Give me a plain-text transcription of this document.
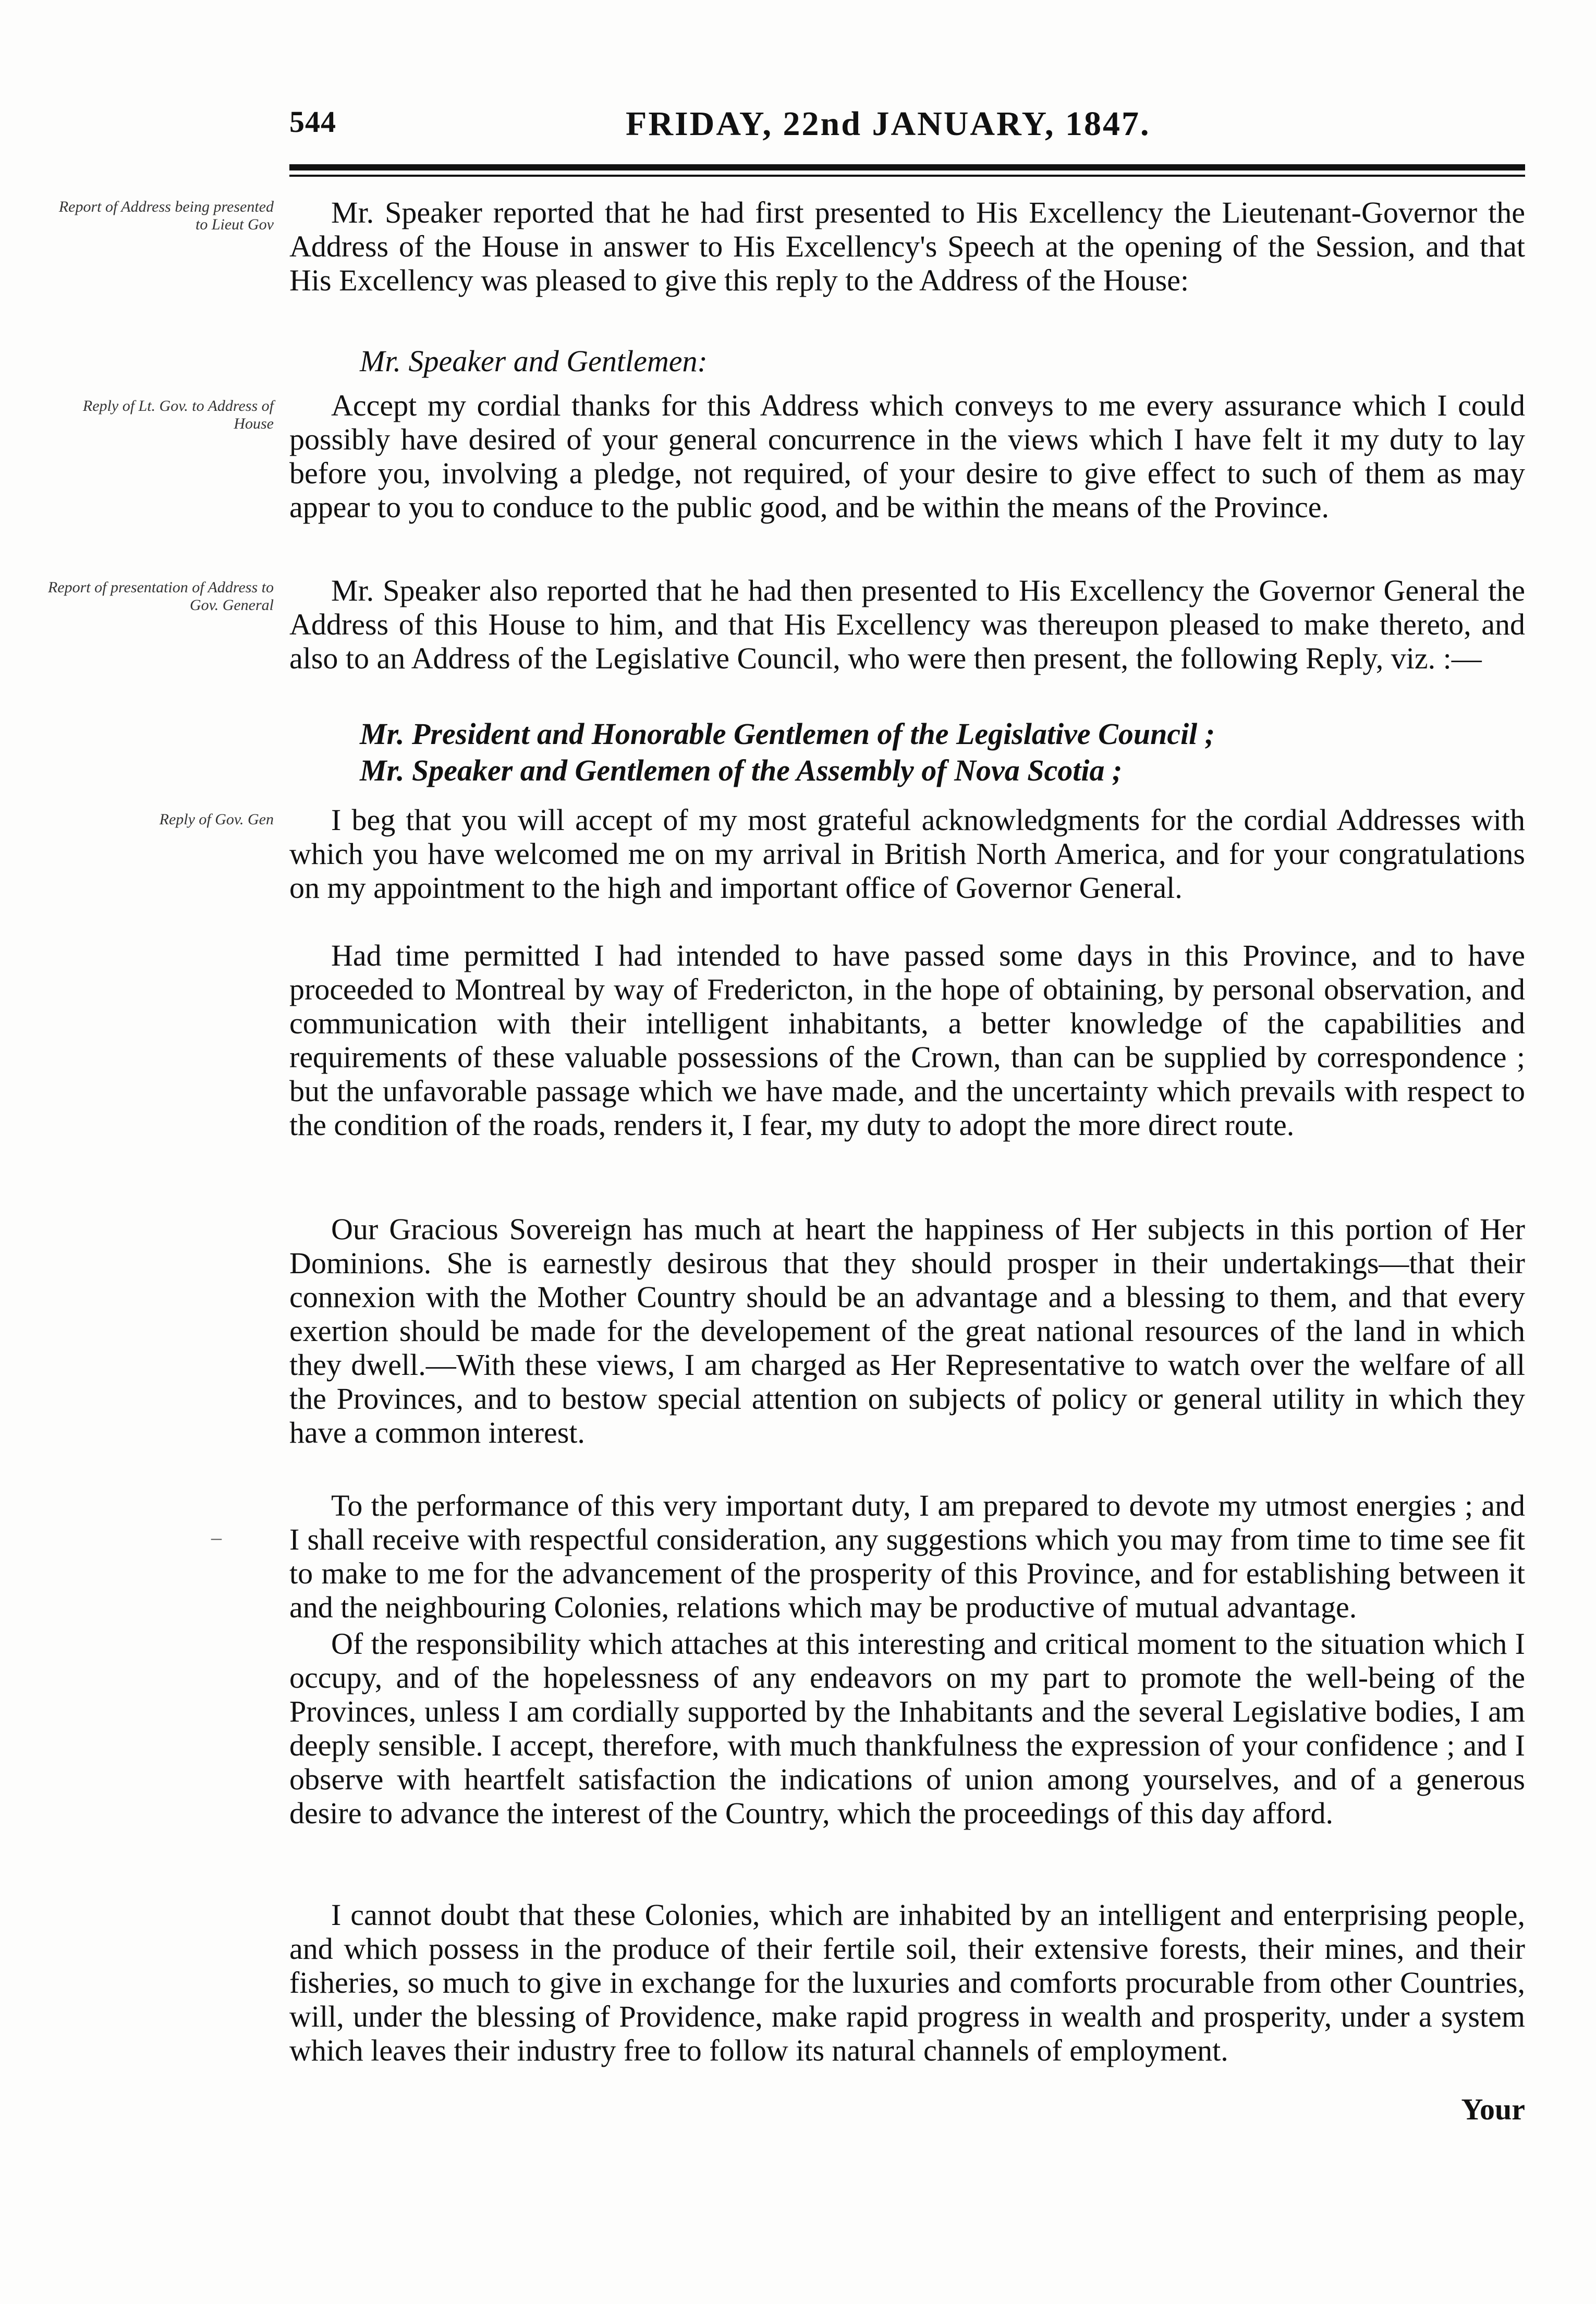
544	FRIDAY, 22nd JANUARY, 1847.
Report of Address being presented to Lieut Gov
Reply of Lt. Gov. to Address of House
Report of presentation of Address to Gov. General
Reply of Gov. Gen
Mr. Speaker reported that he had first presented to His Excellency the Lieutenant-Governor the Address of the House in answer to His Excellency's Speech at the opening of the Session, and that His Excellency was pleased to give this reply to the Address of the House:
Mr. Speaker and Gentlemen:
Accept my cordial thanks for this Address which conveys to me every assurance which I could possibly have desired of your general concurrence in the views which I have felt it my duty to lay before you, involving a pledge, not required, of your desire to give effect to such of them as may appear to you to conduce to the public good, and be within the means of the Province.
Mr. Speaker also reported that he had then presented to His Excellency the Governor General the Address of this House to him, and that His Excellency was thereupon pleased to make thereto, and also to an Address of the Legislative Council, who were then present, the following Reply, viz. :—
Mr. President and Honorable Gentlemen of the Legislative Council ;
Mr. Speaker and Gentlemen of the Assembly of Nova Scotia ;
I beg that you will accept of my most grateful acknowledgments for the cordial Addresses with which you have welcomed me on my arrival in British North America, and for your congratulations on my appointment to the high and important office of Governor General.
Had time permitted I had intended to have passed some days in this Province, and to have proceeded to Montreal by way of Fredericton, in the hope of obtaining, by personal observation, and communication with their intelligent inhabitants, a better knowledge of the capabilities and requirements of these valuable possessions of the Crown, than can be supplied by correspondence ; but the unfavorable passage which we have made, and the uncertainty which prevails with respect to the condition of the roads, renders it, I fear, my duty to adopt the more direct route.
Our Gracious Sovereign has much at heart the happiness of Her subjects in this portion of Her Dominions. She is earnestly desirous that they should prosper in their undertakings—that their connexion with the Mother Country should be an advantage and a blessing to them, and that every exertion should be made for the developement of the great national resources of the land in which they dwell.—With these views, I am charged as Her Representative to watch over the welfare of all the Provinces, and to bestow special attention on subjects of policy or general utility in which they have a common interest.
To the performance of this very important duty, I am prepared to devote my utmost energies ; and I shall receive with respectful consideration, any suggestions which you may from time to time see fit to make to me for the advancement of the prosperity of this Province, and for establishing between it and the neighbouring Colonies, relations which may be productive of mutual advantage.
Of the responsibility which attaches at this interesting and critical moment to the situation which I occupy, and of the hopelessness of any endeavors on my part to promote the well-being of the Provinces, unless I am cordially supported by the Inhabitants and the several Legislative bodies, I am deeply sensible. I accept, therefore, with much thankfulness the expression of your confidence ; and I observe with heartfelt satisfaction the indications of union among yourselves, and of a generous desire to advance the interest of the Country, which the proceedings of this day afford.
I cannot doubt that these Colonies, which are inhabited by an intelligent and enterprising people, and which possess in the produce of their fertile soil, their extensive forests, their mines, and their fisheries, so much to give in exchange for the luxuries and comforts procurable from other Countries, will, under the blessing of Providence, make rapid progress in wealth and prosperity, under a system which leaves their industry free to follow its natural channels of employment.
Your
–
